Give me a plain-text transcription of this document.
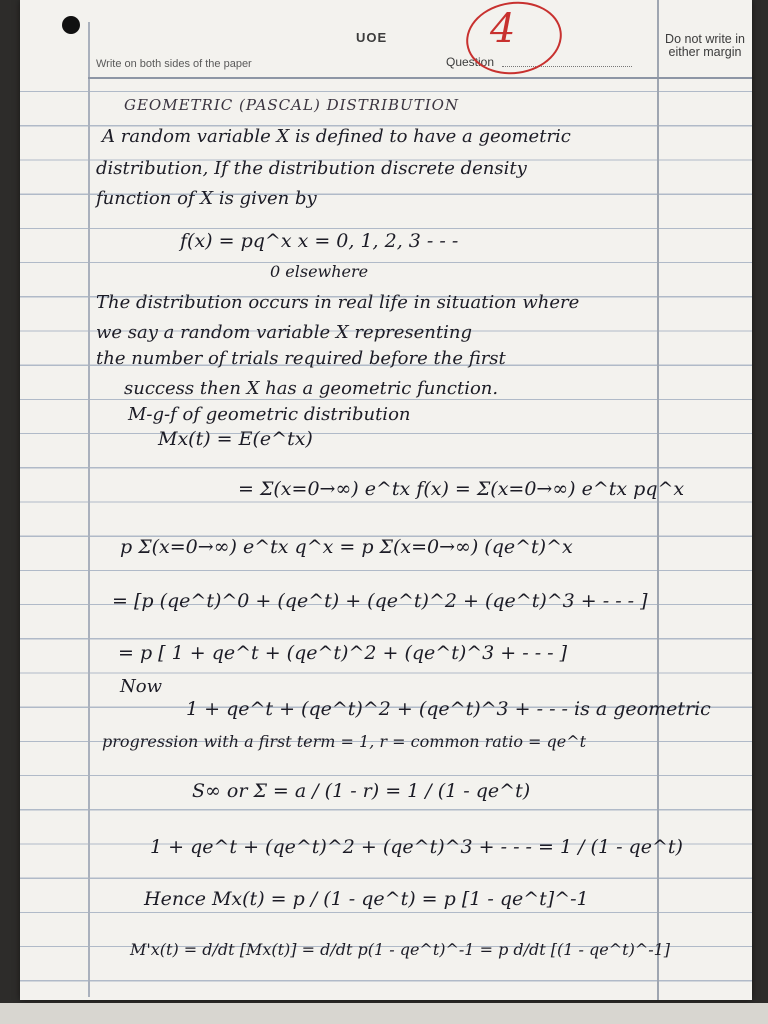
UOE
Write on both sides of the paper	Question
Do not write in either margin
4
GEOMETRIC (PASCAL) DISTRIBUTION
A random variable X is defined to have a geometric
distribution, If the distribution discrete density
function of X is given by
f(x) = pq^x x = 0, 1, 2, 3 - - -
0 elsewhere
The distribution occurs in real life in situation where
we say a random variable X representing
the number of trials required before the first
success then X has a geometric function.
M-g-f of geometric distribution
Mx(t) = E(e^tx)
= Σ(x=0→∞) e^tx f(x) = Σ(x=0→∞) e^tx pq^x
p Σ(x=0→∞) e^tx q^x = p Σ(x=0→∞) (qe^t)^x
= [p (qe^t)^0 + (qe^t) + (qe^t)^2 + (qe^t)^3 + - - - ]
= p [ 1 + qe^t + (qe^t)^2 + (qe^t)^3 + - - - ]
Now
1 + qe^t + (qe^t)^2 + (qe^t)^3 + - - - is a geometric
progression with a first term = 1, r = common ratio = qe^t
S∞ or Σ = a / (1 - r) = 1 / (1 - qe^t)
1 + qe^t + (qe^t)^2 + (qe^t)^3 + - - - = 1 / (1 - qe^t)
Hence Mx(t) = p / (1 - qe^t) = p [1 - qe^t]^-1
M'x(t) = d/dt [Mx(t)] = d/dt p(1 - qe^t)^-1 = p d/dt [(1 - qe^t)^-1]
